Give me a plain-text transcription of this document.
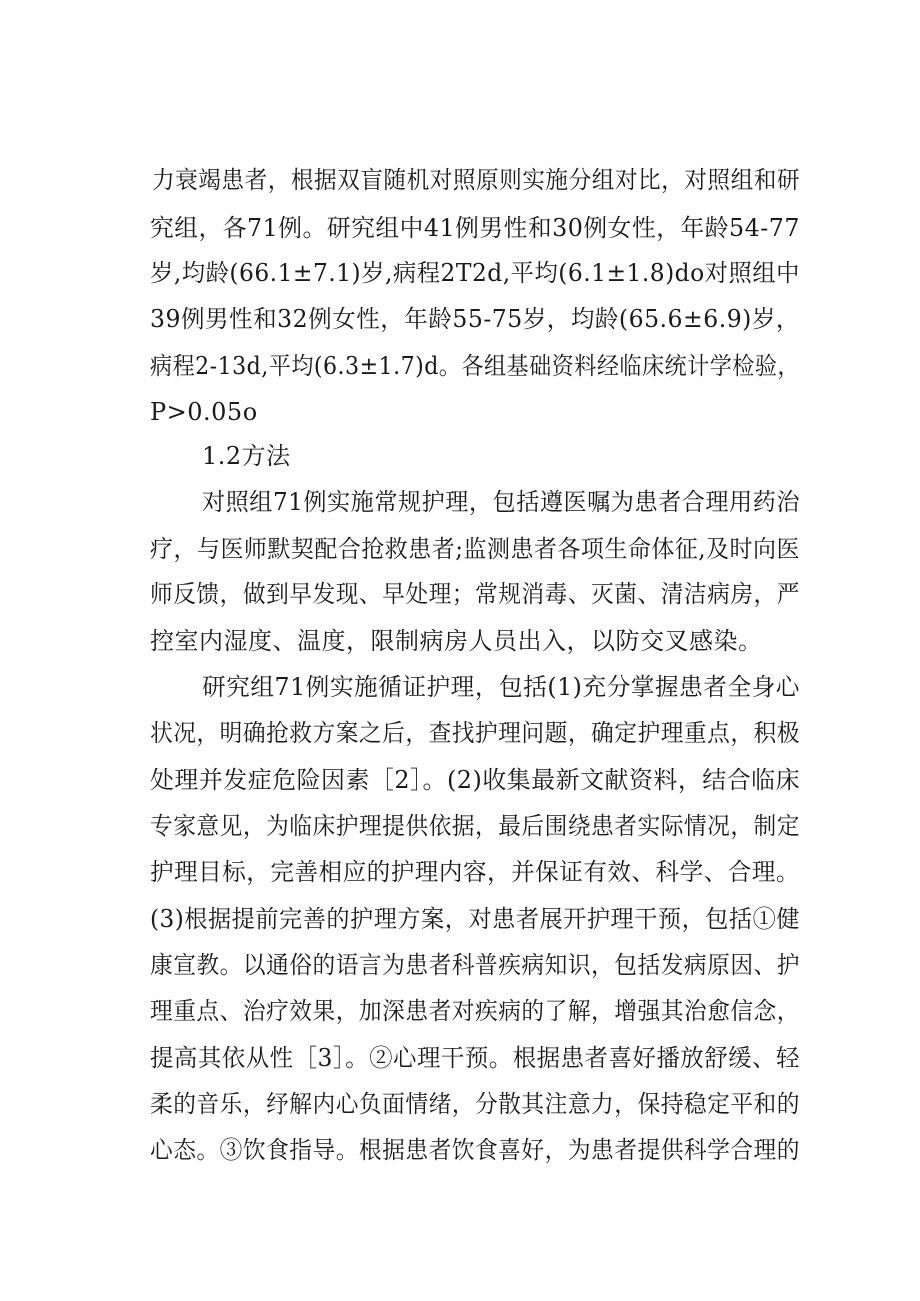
力衰竭患者，根据双盲随机对照原则实施分组对比，对照组和研
究组，各71例。研究组中41例男性和30例女性，年龄54-77
岁,均龄(66.1±7.1)岁,病程2T2d,平均(6.1±1.8)do对照组中
39例男性和32例女性，年龄55-75岁，均龄(65.6±6.9)岁，
病程2-13d,平均(6.3±1.7)d。各组基础资料经临床统计学检验，
P>0.05o
1.2方法
对照组71例实施常规护理，包括遵医嘱为患者合理用药治
疗，与医师默契配合抢救患者;监测患者各项生命体征,及时向医
师反馈，做到早发现、早处理；常规消毒、灭菌、清洁病房，严
控室内湿度、温度，限制病房人员出入，以防交叉感染。
研究组71例实施循证护理，包括(1)充分掌握患者全身心
状况，明确抢救方案之后，查找护理问题，确定护理重点，积极
处理并发症危险因素［2］。(2)收集最新文献资料，结合临床
专家意见，为临床护理提供依据，最后围绕患者实际情况，制定
护理目标，完善相应的护理内容，并保证有效、科学、合理。
(3)根据提前完善的护理方案，对患者展开护理干预，包括①健
康宣教。以通俗的语言为患者科普疾病知识，包括发病原因、护
理重点、治疗效果，加深患者对疾病的了解，增强其治愈信念，
提高其依从性［3］。②心理干预。根据患者喜好播放舒缓、轻
柔的音乐，纾解内心负面情绪，分散其注意力，保持稳定平和的
心态。③饮食指导。根据患者饮食喜好，为患者提供科学合理的
